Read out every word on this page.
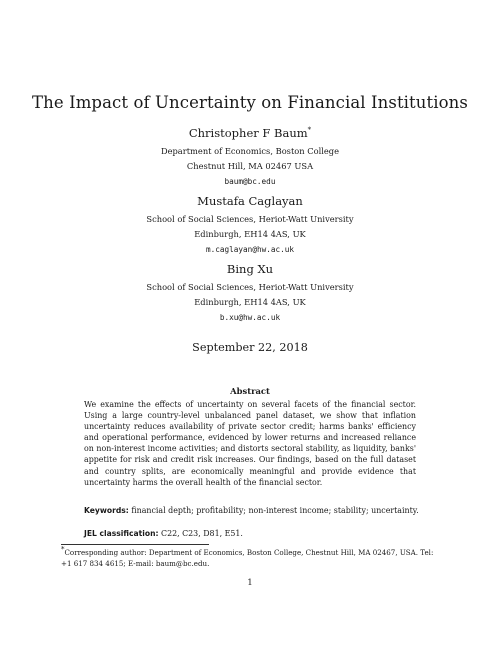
The Impact of Uncertainty on Financial Institutions

Christopher F Baum*

Department of Economics, Boston College

Chestnut Hill, MA 02467 USA

baum@bc.edu

Mustafa Caglayan

School of Social Sciences, Heriot-Watt University

Edinburgh, EH14 4AS, UK

m.caglayan@hw.ac.uk

Bing Xu

School of Social Sciences, Heriot-Watt University

Edinburgh, EH14 4AS, UK

b.xu@hw.ac.uk

September 22, 2018
Abstract

We examine the effects of uncertainty on several facets of the financial sector. Using a large country-level unbalanced panel dataset, we show that inflation uncertainty reduces availability of private sector credit; harms banks' efficiency and operational performance, evidenced by lower returns and increased reliance on non-interest income activities; and distorts sectoral stability, as liquidity, banks' appetite for risk and credit risk increases. Our findings, based on the full dataset and country splits, are economically meaningful and provide evidence that uncertainty harms the overall health of the financial sector.

Keywords: financial depth; profitability; non-interest income; stability; uncertainty.

JEL classification: C22, C23, D81, E51.

*Corresponding author: Department of Economics, Boston College, Chestnut Hill, MA 02467, USA. Tel: +1 617 834 4615; E-mail: baum@bc.edu.

1
